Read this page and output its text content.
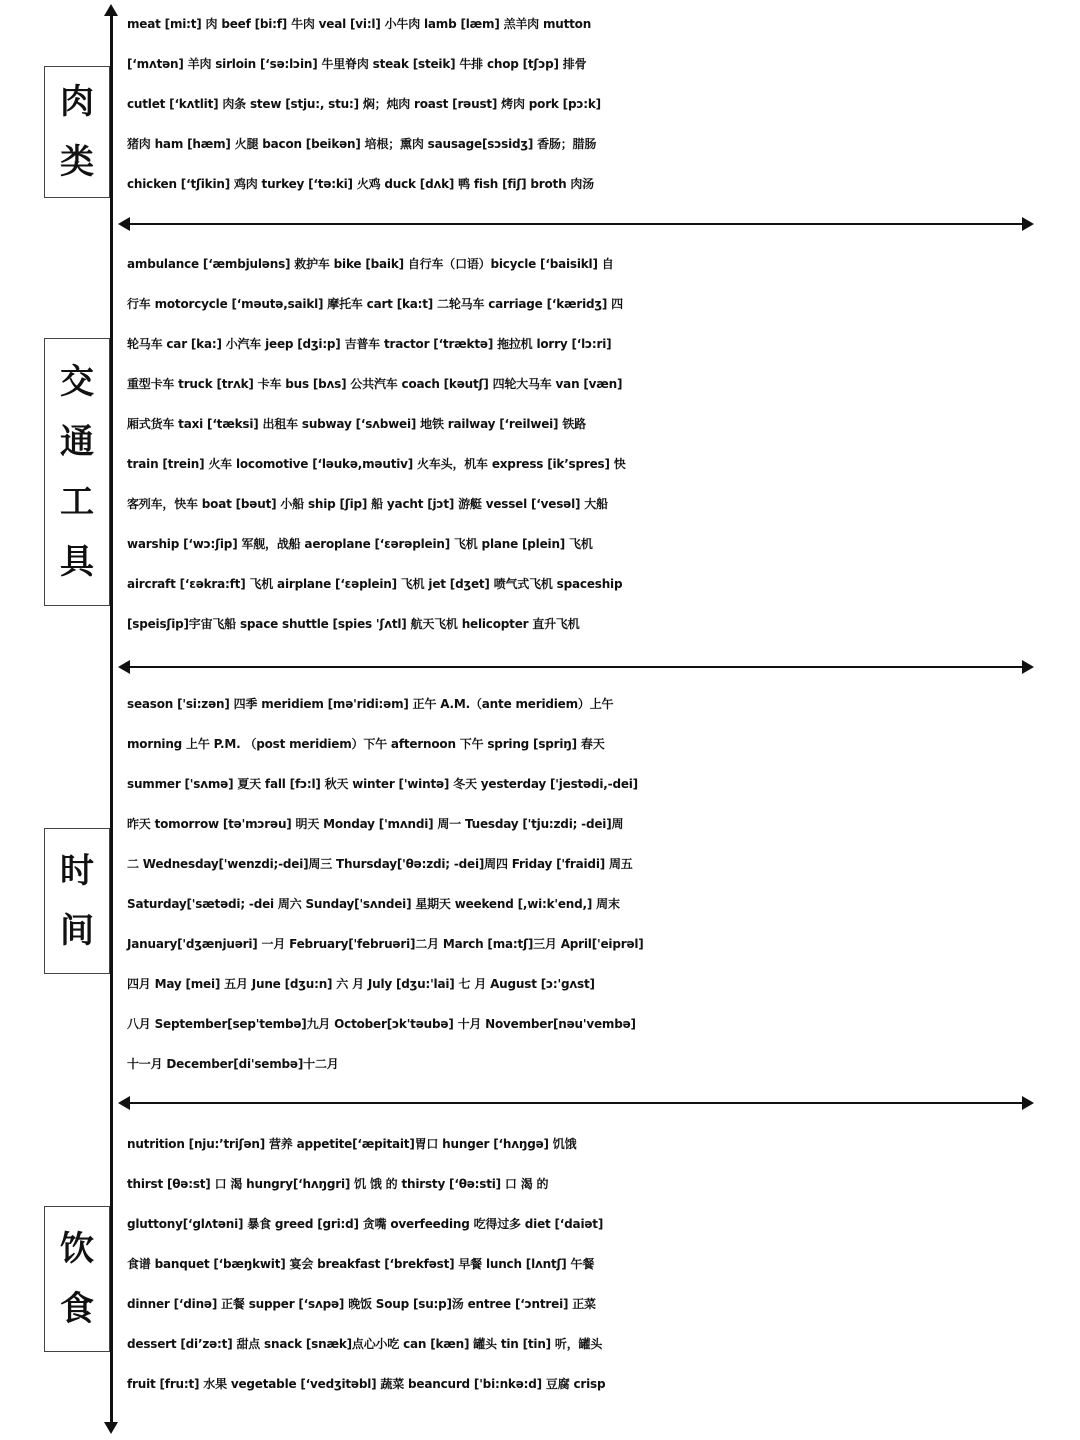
肉
类
交
通
工
具
时
间
饮
食
meat [mi:t] 肉 beef [bi:f] 牛肉 veal [vi:l] 小牛肉 lamb [læm] 羔羊肉 mutton
[‘mʌtən] 羊肉 sirloin [‘sə:lɔin] 牛里脊肉 steak [steik] 牛排 chop [tʃɔp] 排骨
cutlet [‘kʌtlit] 肉条 stew [stju:, stu:] 焖；炖肉 roast [rəust] 烤肉 pork [pɔ:k]
猪肉 ham [hæm] 火腿 bacon [beikən] 培根；熏肉 sausage[sɔsidʒ] 香肠；腊肠
chicken [‘tʃikin] 鸡肉 turkey [‘tə:ki] 火鸡 duck [dʌk] 鸭 fish [fiʃ] broth 肉汤
ambulance [‘æmbjuləns] 救护车 bike [baik] 自行车（口语）bicycle [‘baisikl] 自
行车 motorcycle [‘məutə,saikl] 摩托车 cart [ka:t] 二轮马车 carriage [‘kæridʒ] 四
轮马车 car [ka:] 小汽车 jeep [dʒi:p] 吉普车 tractor [‘træktə] 拖拉机 lorry [‘lɔ:ri]
重型卡车 truck [trʌk] 卡车 bus [bʌs] 公共汽车 coach [kəutʃ] 四轮大马车 van [væn]
厢式货车 taxi [‘tæksi] 出租车 subway [‘sʌbwei] 地铁 railway [‘reilwei] 铁路
train [trein] 火车 locomotive [‘ləukə,məutiv] 火车头，机车 express [ik’spres] 快
客列车，快车 boat [bəut] 小船 ship [ʃip] 船 yacht [jɔt] 游艇 vessel [‘vesəl] 大船
warship [‘wɔ:ʃip] 军舰，战船 aeroplane [‘ɛərəplein] 飞机 plane [plein] 飞机
aircraft [‘ɛəkra:ft] 飞机 airplane [‘ɛəplein] 飞机 jet [dʒet] 喷气式飞机 spaceship
[speisʃip]宇宙飞船 space shuttle [spies 'ʃʌtl] 航天飞机 helicopter 直升飞机
season ['si:zən] 四季 meridiem [mə'ridi:əm] 正午 A.M.（ante meridiem）上午
morning 上午 P.M. （post meridiem）下午 afternoon 下午 spring [spriŋ] 春天
summer ['sʌmə] 夏天 fall [fɔ:l] 秋天 winter ['wintə] 冬天 yesterday ['jestədi,-dei]
昨天 tomorrow [tə'mɔrəu] 明天 Monday ['mʌndi] 周一 Tuesday ['tju:zdi; -dei]周
二 Wednesday['wenzdi;-dei]周三 Thursday['θə:zdi; -dei]周四 Friday ['fraidi] 周五
Saturday['sætədi; -dei 周六 Sunday['sʌndei] 星期天 weekend [,wi:k'end,] 周末
January['dʒænjuəri] 一月 February['februəri]二月 March [ma:tʃ]三月 April['eiprəl]
四月 May [mei] 五月 June [dʒu:n] 六 月 July [dʒu:'lai] 七 月 August [ɔ:'gʌst]
八月 September[sep'tembə]九月 October[ɔk'təubə] 十月 November[nəu'vembə]
十一月 December[di'sembə]十二月
nutrition [nju:’triʃən] 营养 appetite[‘æpitait]胃口 hunger [‘hʌŋgə] 饥饿
thirst [θə:st] 口 渴 hungry[‘hʌŋgri] 饥 饿 的 thirsty [‘θə:sti] 口 渴 的
gluttony[‘glʌtəni] 暴食 greed [gri:d] 贪嘴 overfeeding 吃得过多 diet [‘daiət]
食谱 banquet [‘bæŋkwit] 宴会 breakfast [‘brekfəst] 早餐 lunch [lʌntʃ] 午餐
dinner [‘dinə] 正餐 supper [‘sʌpə] 晚饭 Soup [su:p]汤 entree [‘ɔntrei] 正菜
dessert [di’zə:t] 甜点 snack [snæk]点心小吃 can [kæn] 罐头 tin [tin] 听，罐头
fruit [fru:t] 水果 vegetable [‘vedʒitəbl] 蔬菜 beancurd ['bi:nkə:d] 豆腐 crisp
